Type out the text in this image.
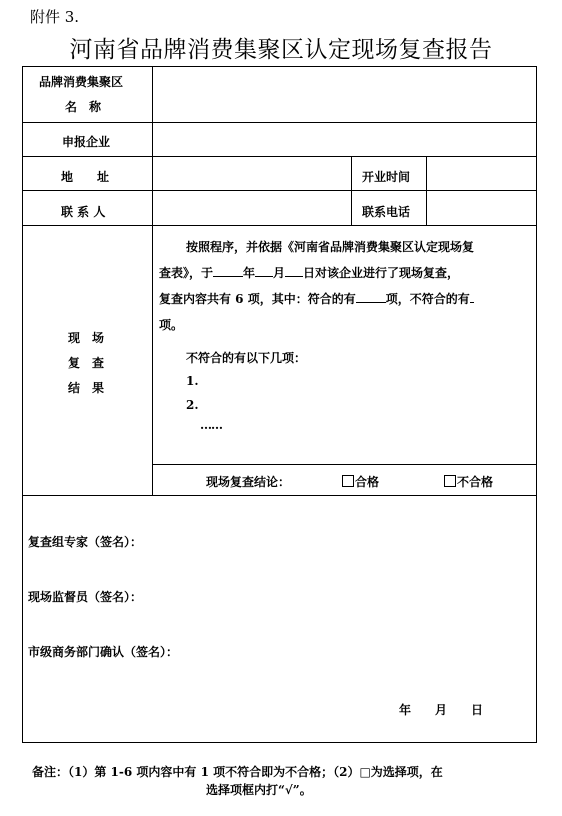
附件 3.
河南省品牌消费集聚区认定现场复查报告
品牌消费集聚区
名　称
申报企业
地　　址	开业时间
联 系 人	联系电话
现　场
复　查
结　果
按照程序，并依据《河南省品牌消费集聚区认定现场复
查表》，于	年 月 日对该企业进行了现场复查，
复查内容共有 6 项，其中：符合的有	项，不符合的有
项。
不符合的有以下几项：
1.
2.
……
现场复查结论：	合格	不合格
复查组专家（签名）：
现场监督员（签名）：
市级商务部门确认（签名）：
年　　月　　日
备注：（1）第 1-6 项内容中有 1 项不符合即为不合格；（2）□为选择项，在
选择项框内打“√”。
